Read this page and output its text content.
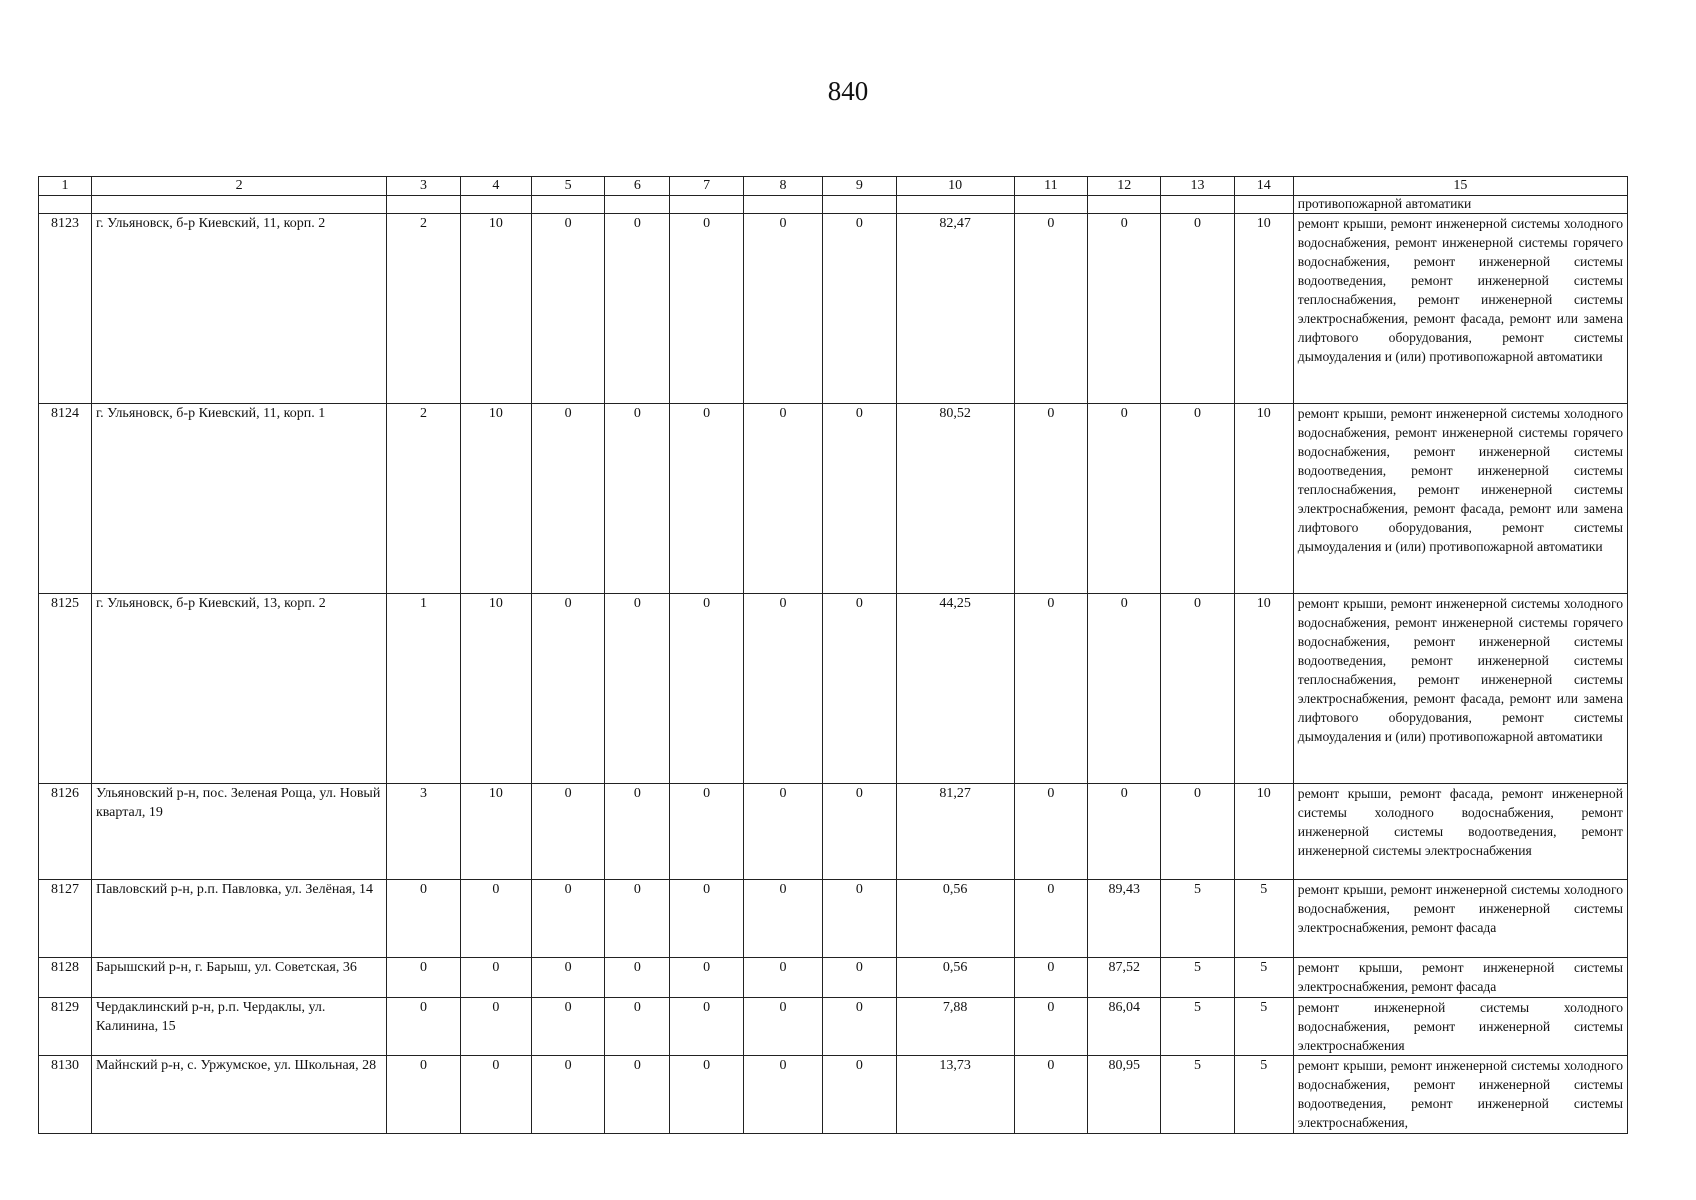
840
1	2	3	4	5	6	7	8	9	10	11	12	13	14	15
														противопожарной автоматики
8123	г. Ульяновск, б-р Киевский, 11, корп. 2	2	10	0	0	0	0	0	82,47	0	0	0	10	ремонт крыши, ремонт инженерной системы холодного водоснабжения, ремонт инженерной системы горячего водоснабжения, ремонт инженерной системы водоотведения, ремонт инженерной системы теплоснабжения, ремонт инженерной системы электроснабжения, ремонт фасада, ремонт или замена лифтового оборудования, ремонт системы дымоудаления и (или) противопожарной автоматики
8124	г. Ульяновск, б-р Киевский, 11, корп. 1	2	10	0	0	0	0	0	80,52	0	0	0	10	ремонт крыши, ремонт инженерной системы холодного водоснабжения, ремонт инженерной системы горячего водоснабжения, ремонт инженерной системы водоотведения, ремонт инженерной системы теплоснабжения, ремонт инженерной системы электроснабжения, ремонт фасада, ремонт или замена лифтового оборудования, ремонт системы дымоудаления и (или) противопожарной автоматики
8125	г. Ульяновск, б-р Киевский, 13, корп. 2	1	10	0	0	0	0	0	44,25	0	0	0	10	ремонт крыши, ремонт инженерной системы холодного водоснабжения, ремонт инженерной системы горячего водоснабжения, ремонт инженерной системы водоотведения, ремонт инженерной системы теплоснабжения, ремонт инженерной системы электроснабжения, ремонт фасада, ремонт или замена лифтового оборудования, ремонт системы дымоудаления и (или) противопожарной автоматики
8126	Ульяновский р-н, пос. Зеленая Роща, ул. Новый квартал, 19	3	10	0	0	0	0	0	81,27	0	0	0	10	ремонт крыши, ремонт фасада, ремонт инженерной системы холодного водоснабжения, ремонт инженерной системы водоотведения, ремонт инженерной системы электроснабжения
8127	Павловский р-н, р.п. Павловка, ул. Зелёная, 14	0	0	0	0	0	0	0	0,56	0	89,43	5	5	ремонт крыши, ремонт инженерной системы холодного водоснабжения, ремонт инженерной системы электроснабжения, ремонт фасада
8128	Барышский р-н, г. Барыш, ул. Советская, 36	0	0	0	0	0	0	0	0,56	0	87,52	5	5	ремонт крыши, ремонт инженерной системы электроснабжения, ремонт фасада
8129	Чердаклинский р-н, р.п. Чердаклы, ул. Калинина, 15	0	0	0	0	0	0	0	7,88	0	86,04	5	5	ремонт инженерной системы холодного водоснабжения, ремонт инженерной системы электроснабжения
8130	Майнский р-н, с. Уржумское, ул. Школьная, 28	0	0	0	0	0	0	0	13,73	0	80,95	5	5	ремонт крыши, ремонт инженерной системы холодного водоснабжения, ремонт инженерной системы водоотведения, ремонт инженерной системы электроснабжения,
